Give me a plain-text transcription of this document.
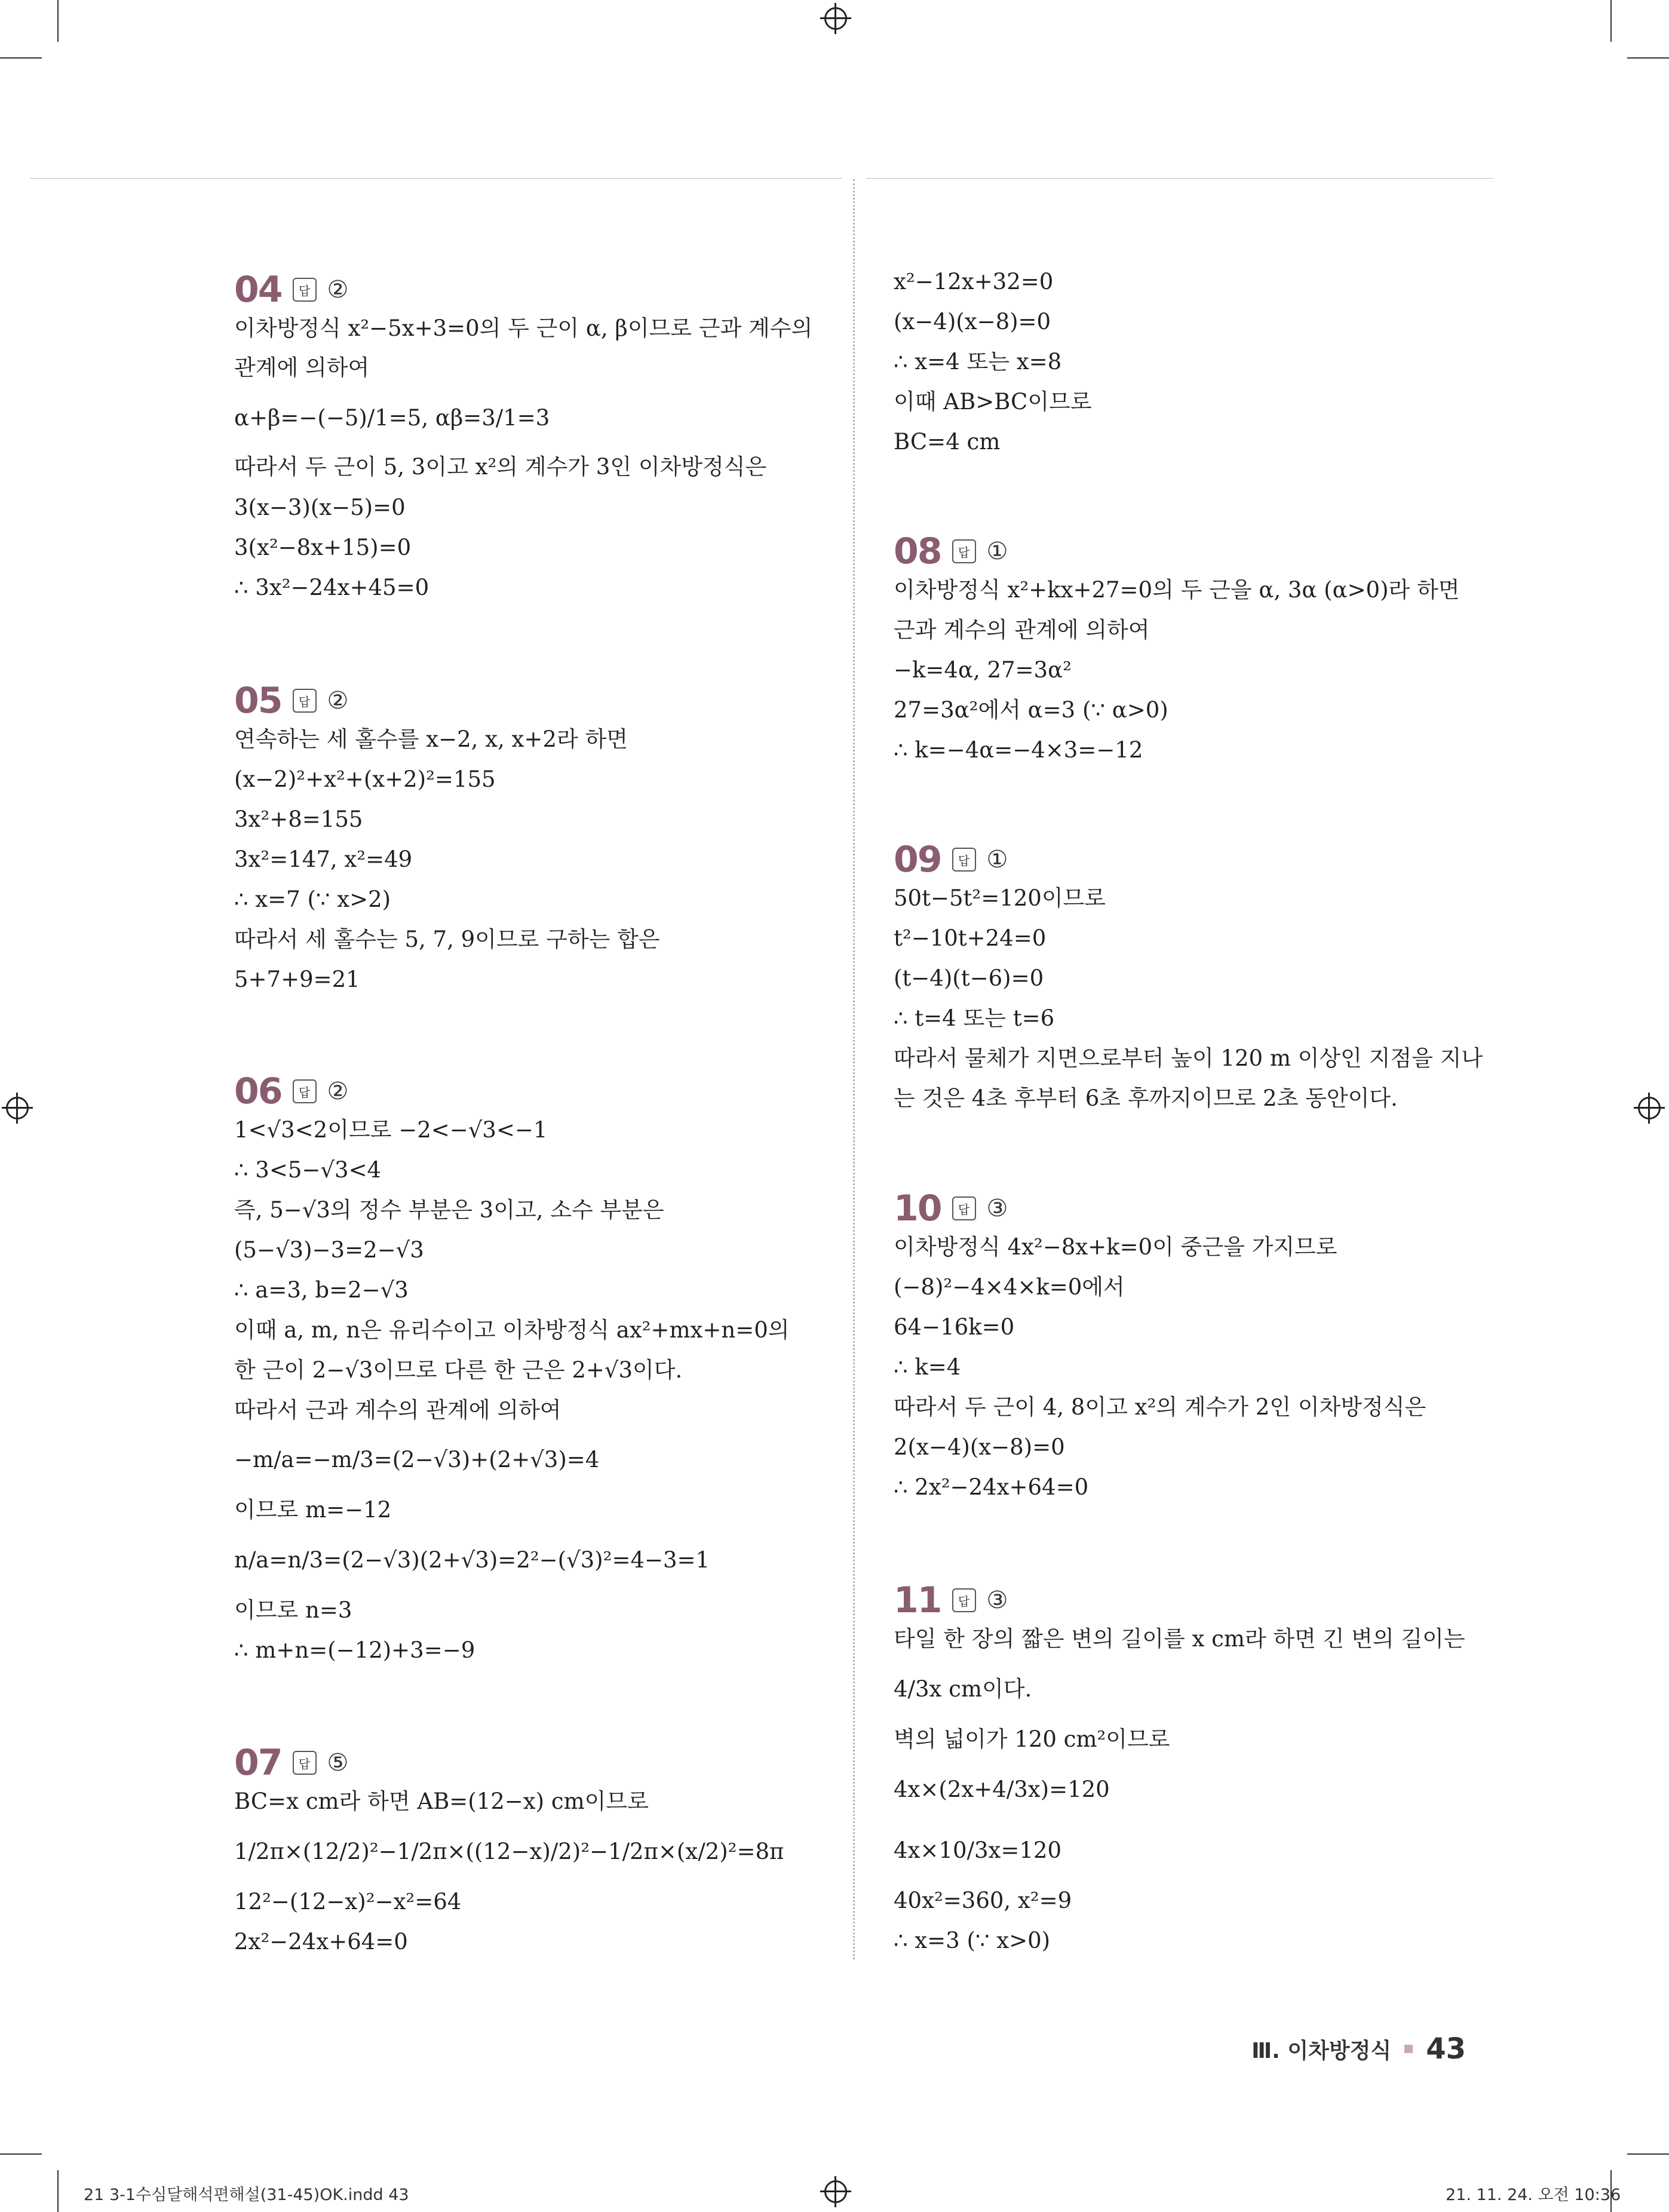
04	답 ②
이차방정식 x²−5x+3=0의 두 근이 α, β이므로 근과 계수의
관계에 의하여
α+β=−(−5)/1=5, αβ=3/1=3
따라서 두 근이 5, 3이고 x²의 계수가 3인 이차방정식은
3(x−3)(x−5)=0
3(x²−8x+15)=0
∴ 3x²−24x+45=0
05	답 ②
연속하는 세 홀수를 x−2, x, x+2라 하면
(x−2)²+x²+(x+2)²=155
3x²+8=155
3x²=147, x²=49
∴ x=7 (∵ x>2)
따라서 세 홀수는 5, 7, 9이므로 구하는 합은
5+7+9=21
06	답 ②
1<√3<2이므로 −2<−√3<−1
∴ 3<5−√3<4
즉, 5−√3의 정수 부분은 3이고, 소수 부분은
(5−√3)−3=2−√3
∴ a=3, b=2−√3
이때 a, m, n은 유리수이고 이차방정식 ax²+mx+n=0의
한 근이 2−√3이므로 다른 한 근은 2+√3이다.
따라서 근과 계수의 관계에 의하여
−m/a=−m/3=(2−√3)+(2+√3)=4
이므로 m=−12
n/a=n/3=(2−√3)(2+√3)=2²−(√3)²=4−3=1
이므로 n=3
∴ m+n=(−12)+3=−9
07	답 ⑤
BC=x cm라 하면 AB=(12−x) cm이므로
1/2π×(12/2)²−1/2π×((12−x)/2)²−1/2π×(x/2)²=8π
12²−(12−x)²−x²=64
2x²−24x+64=0
x²−12x+32=0
(x−4)(x−8)=0
∴ x=4 또는 x=8
이때 AB>BC이므로
BC=4 cm
08	답 ①
이차방정식 x²+kx+27=0의 두 근을 α, 3α (α>0)라 하면
근과 계수의 관계에 의하여
−k=4α, 27=3α²
27=3α²에서 α=3 (∵ α>0)
∴ k=−4α=−4×3=−12
09	답 ①
50t−5t²=120이므로
t²−10t+24=0
(t−4)(t−6)=0
∴ t=4 또는 t=6
따라서 물체가 지면으로부터 높이 120 m 이상인 지점을 지나
는 것은 4초 후부터 6초 후까지이므로 2초 동안이다.
10	답 ③
이차방정식 4x²−8x+k=0이 중근을 가지므로
(−8)²−4×4×k=0에서
64−16k=0
∴ k=4
따라서 두 근이 4, 8이고 x²의 계수가 2인 이차방정식은
2(x−4)(x−8)=0
∴ 2x²−24x+64=0
11	답 ③
타일 한 장의 짧은 변의 길이를 x cm라 하면 긴 변의 길이는
4/3x cm이다.
벽의 넓이가 120 cm²이므로
4x×(2x+4/3x)=120
4x×10/3x=120
40x²=360, x²=9
∴ x=3 (∵ x>0)
Ⅲ. 이차방정식 43
21 3-1수심달해석편해설(31-45)OK.indd 43	21. 11. 24. 오전 10:36
